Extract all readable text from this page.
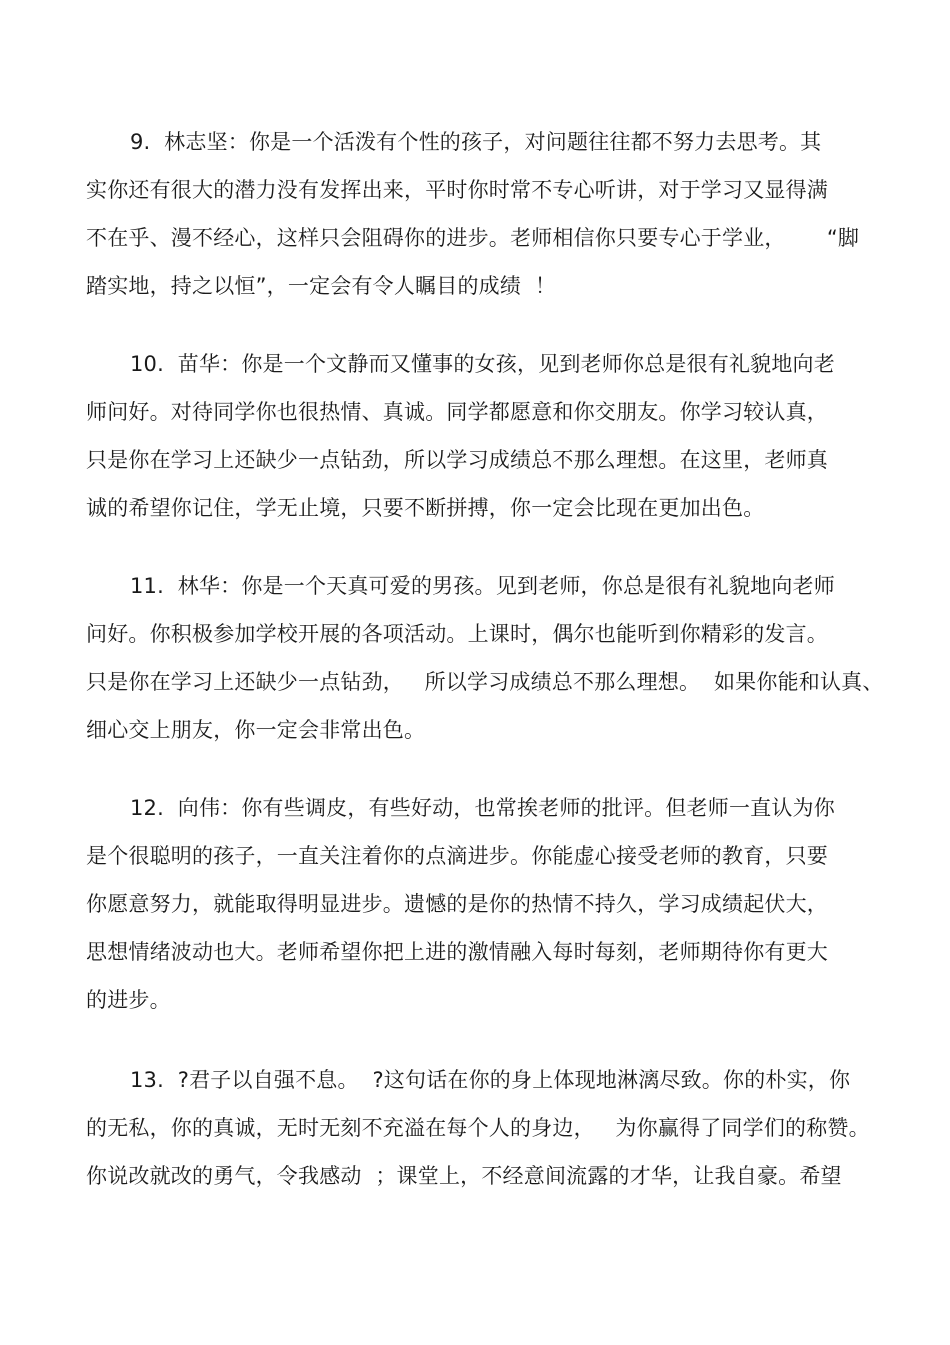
9.  林志坚：你是一个活泼有个性的孩子，对问题往往都不努力去思考。其
实你还有很大的潜力没有发挥出来，平时你时常不专心听讲，对于学习又显得满
不在乎、漫不经心，这样只会阻碍你的进步。老师相信你只要专心于学业，      “脚
踏实地，持之以恒”，一定会有令人瞩目的成绩  ！
10.  苗华：你是一个文静而又懂事的女孩，见到老师你总是很有礼貌地向老
师问好。对待同学你也很热情、真诚。同学都愿意和你交朋友。你学习较认真，
只是你在学习上还缺少一点钻劲，所以学习成绩总不那么理想。在这里，老师真
诚的希望你记住，学无止境，只要不断拼搏，你一定会比现在更加出色。
11.  林华：你是一个天真可爱的男孩。见到老师，你总是很有礼貌地向老师
问好。你积极参加学校开展的各项活动。上课时，偶尔也能听到你精彩的发言。
只是你在学习上还缺少一点钻劲，   所以学习成绩总不那么理想。  如果你能和认真、
细心交上朋友，你一定会非常出色。
12.  向伟：你有些调皮，有些好动，也常挨老师的批评。但老师一直认为你
是个很聪明的孩子，一直关注着你的点滴进步。你能虚心接受老师的教育，只要
你愿意努力，就能取得明显进步。遗憾的是你的热情不持久，学习成绩起伏大，
思想情绪波动也大。老师希望你把上进的激情融入每时每刻，老师期待你有更大
的进步。
13.  ?君子以自强不息。  ?这句话在你的身上体现地淋漓尽致。你的朴实，你
的无私，你的真诚，无时无刻不充溢在每个人的身边，   为你赢得了同学们的称赞。
你说改就改的勇气，令我感动  ；课堂上，不经意间流露的才华，让我自豪。希望
